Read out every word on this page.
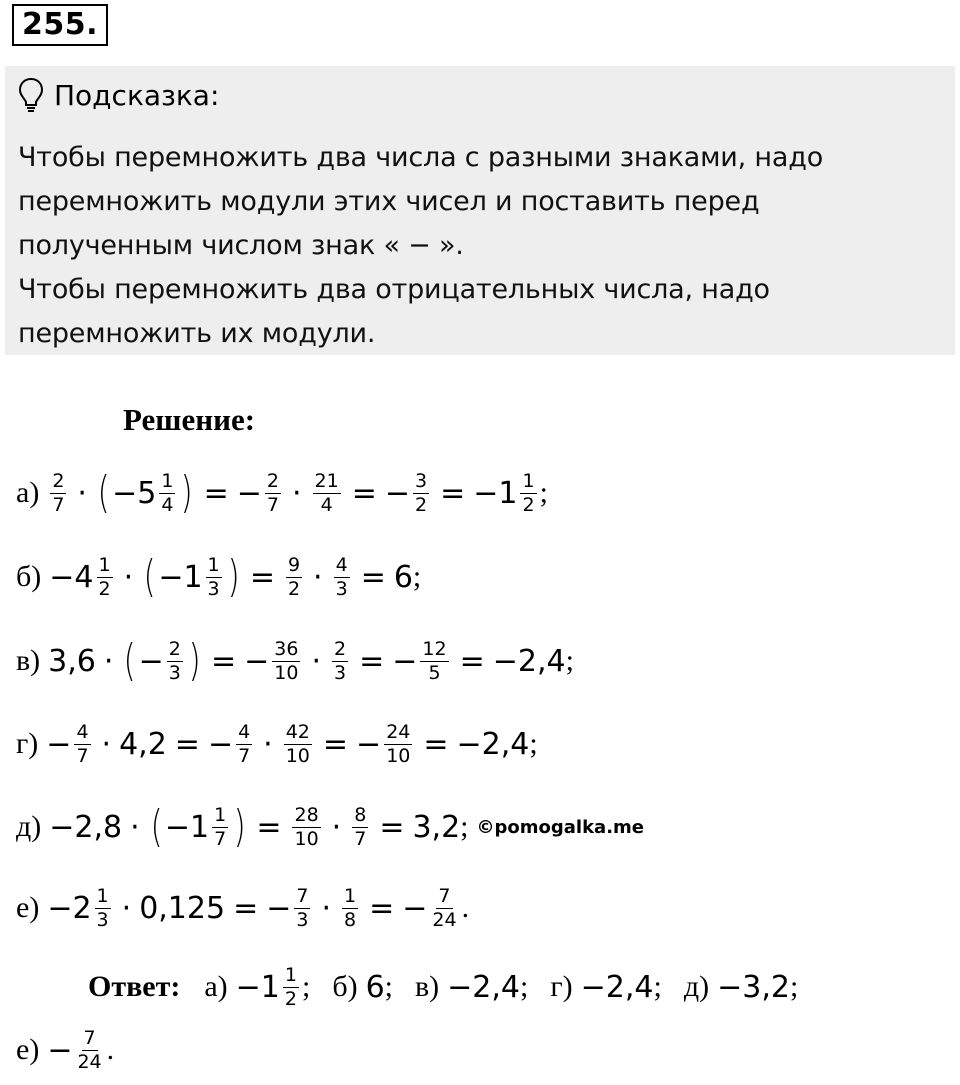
255.
Подсказка:
Чтобы перемножить два числа с разными знаками, надо
перемножить модули этих чисел и поставить перед
полученным числом знак « − ».
Чтобы перемножить два отрицательных числа, надо
перемножить их модули.
Решение:
$а) \frac{2}{7}$ · ( $-5 \frac{1}{4}$ ) = − $\frac{2}{7} \cdot \frac{21}{4}$ = − $\frac{3}{2} = -1 \frac{1}{2}$ ;
$б) -4 \frac{1}{2}$ · ( $-1 \frac{1}{3}$ ) = $\frac{9}{2} \cdot \frac{4}{3} = 6$ ;
в) 3,6 · ( − $\frac{2}{3}$ ) = − $\frac{36}{10} \cdot \frac{2}{3}$ = − $\frac{12}{5} = -2,4$ ;
$г) - \frac{4}{7} \cdot 4,2$ = − $\frac{4}{7} \cdot \frac{42}{10}$ = − $\frac{24}{10} = -2,4$ ;
д) −2,8 · ( $-1 \frac{1}{7}$ ) = $\frac{28}{10} \cdot \frac{8}{7} = 3,2$ ; ©pomogalka.me
$е) -2 \frac{1}{3} \cdot 0,125$ = − $\frac{7}{3} \cdot \frac{1}{8}$ = − $\frac{7}{24}$ .
Ответ: $а) -1 \frac{1}{2}$ ; б) 6 ; в) −2,4 ; г) −2,4 ; д) −3,2 ;
$е) - \frac{7}{24}$ .
